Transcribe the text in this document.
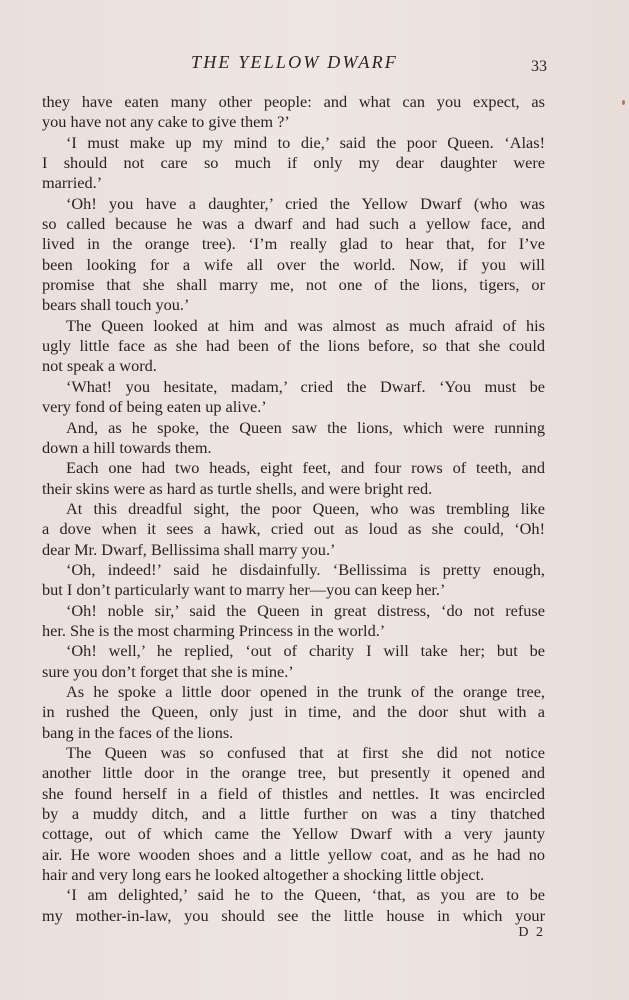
THE YELLOW DWARF	33
they have eaten many other people: and what can you expect, as
you have not any cake to give them ?’
‘I must make up my mind to die,’ said the poor Queen. ‘Alas!
I should not care so much if only my dear daughter were
married.’
‘Oh! you have a daughter,’ cried the Yellow Dwarf (who was
so called because he was a dwarf and had such a yellow face, and
lived in the orange tree). ‘I’m really glad to hear that, for I’ve
been looking for a wife all over the world. Now, if you will
promise that she shall marry me, not one of the lions, tigers, or
bears shall touch you.’
The Queen looked at him and was almost as much afraid of his
ugly little face as she had been of the lions before, so that she could
not speak a word.
‘What! you hesitate, madam,’ cried the Dwarf. ‘You must be
very fond of being eaten up alive.’
And, as he spoke, the Queen saw the lions, which were running
down a hill towards them.
Each one had two heads, eight feet, and four rows of teeth, and
their skins were as hard as turtle shells, and were bright red.
At this dreadful sight, the poor Queen, who was trembling like
a dove when it sees a hawk, cried out as loud as she could, ‘Oh!
dear Mr. Dwarf, Bellissima shall marry you.’
‘Oh, indeed!’ said he disdainfully. ‘Bellissima is pretty enough,
but I don’t particularly want to marry her—you can keep her.’
‘Oh! noble sir,’ said the Queen in great distress, ‘do not refuse
her. She is the most charming Princess in the world.’
‘Oh! well,’ he replied, ‘out of charity I will take her; but be
sure you don’t forget that she is mine.’
As he spoke a little door opened in the trunk of the orange tree,
in rushed the Queen, only just in time, and the door shut with a
bang in the faces of the lions.
The Queen was so confused that at first she did not notice
another little door in the orange tree, but presently it opened and
she found herself in a field of thistles and nettles. It was encircled
by a muddy ditch, and a little further on was a tiny thatched
cottage, out of which came the Yellow Dwarf with a very jaunty
air. He wore wooden shoes and a little yellow coat, and as he had no
hair and very long ears he looked altogether a shocking little object.
‘I am delighted,’ said he to the Queen, ‘that, as you are to be
my mother-in-law, you should see the little house in which your
D 2
